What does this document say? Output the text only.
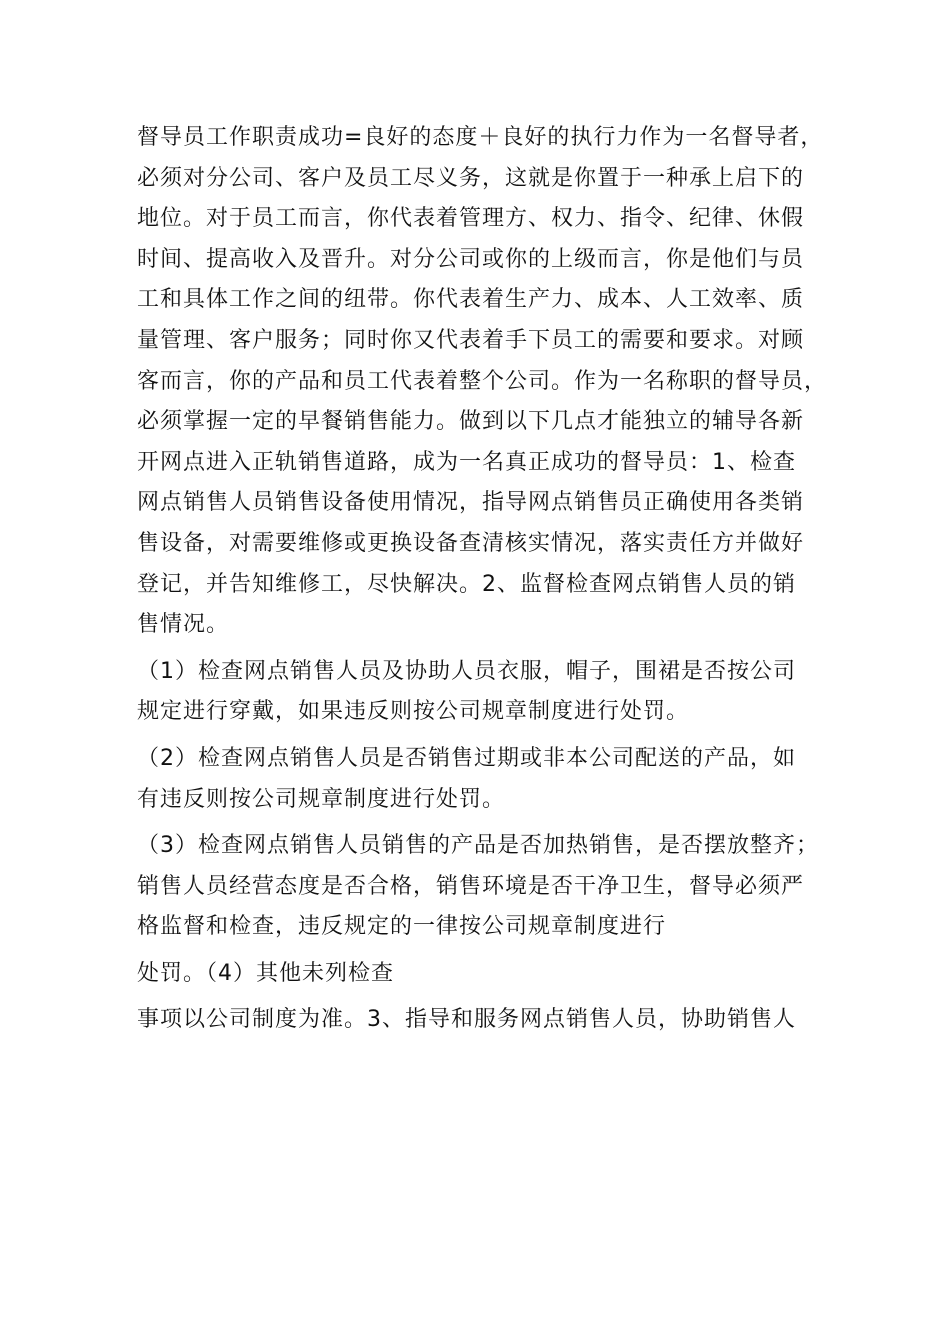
督导员工作职责成功=良好的态度＋良好的执行力作为一名督导者，
必须对分公司、客户及员工尽义务，这就是你置于一种承上启下的
地位。对于员工而言，你代表着管理方、权力、指令、纪律、休假
时间、提高收入及晋升。对分公司或你的上级而言，你是他们与员
工和具体工作之间的纽带。你代表着生产力、成本、人工效率、质
量管理、客户服务；同时你又代表着手下员工的需要和要求。对顾
客而言，你的产品和员工代表着整个公司。作为一名称职的督导员，
必须掌握一定的早餐销售能力。做到以下几点才能独立的辅导各新
开网点进入正轨销售道路，成为一名真正成功的督导员：1、检查
网点销售人员销售设备使用情况，指导网点销售员正确使用各类销
售设备，对需要维修或更换设备查清核实情况，落实责任方并做好
登记，并告知维修工，尽快解决。2、监督检查网点销售人员的销
售情况。
（1）检查网点销售人员及协助人员衣服，帽子，围裙是否按公司
规定进行穿戴，如果违反则按公司规章制度进行处罚。
（2）检查网点销售人员是否销售过期或非本公司配送的产品，如
有违反则按公司规章制度进行处罚。
（3）检查网点销售人员销售的产品是否加热销售，是否摆放整齐；
销售人员经营态度是否合格，销售环境是否干净卫生，督导必须严
格监督和检查，违反规定的一律按公司规章制度进行
处罚。（4）其他未列检查
事项以公司制度为准。3、指导和服务网点销售人员，协助销售人
